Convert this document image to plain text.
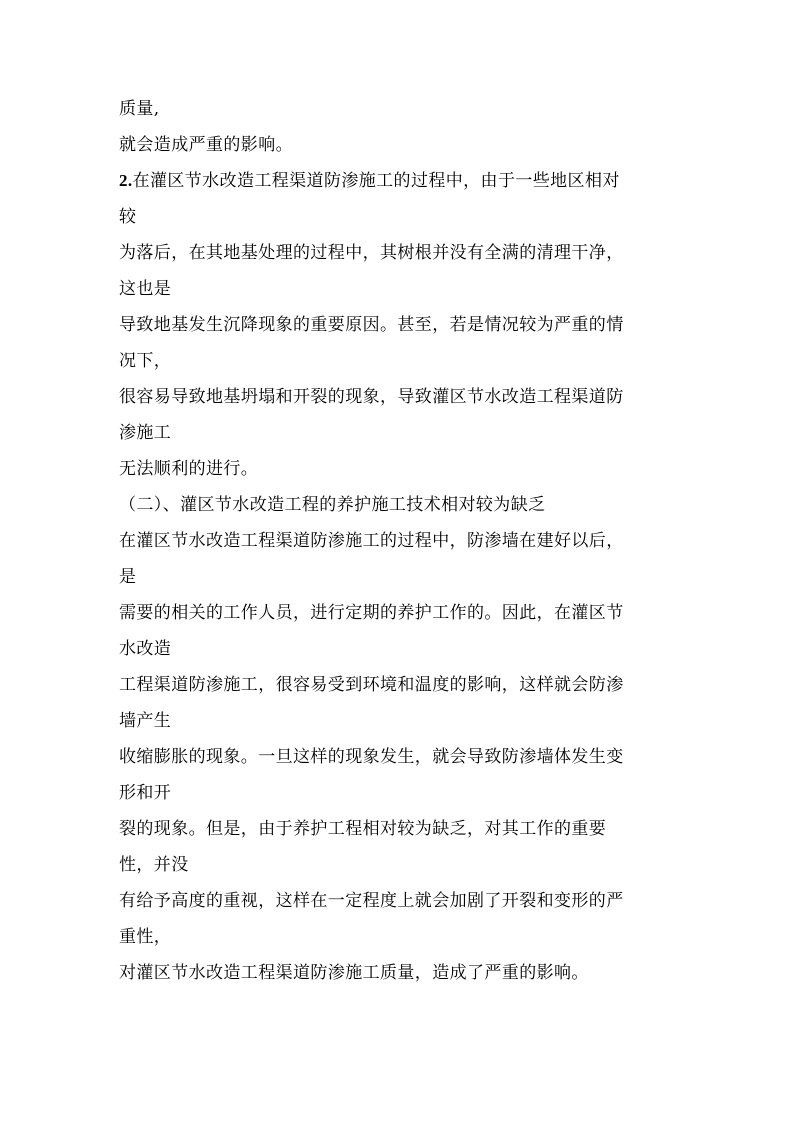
质量,
就会造成严重的影响。
2.在灌区节水改造工程渠道防渗施工的过程中，由于一些地区相对
较
为落后，在其地基处理的过程中，其树根并没有全满的清理干净，
这也是
导致地基发生沉降现象的重要原因。甚至，若是情况较为严重的情
况下，
很容易导致地基坍塌和开裂的现象，导致灌区节水改造工程渠道防
渗施工
无法顺利的进行。
（二）、灌区节水改造工程的养护施工技术相对较为缺乏
在灌区节水改造工程渠道防渗施工的过程中，防渗墙在建好以后，
是
需要的相关的工作人员，进行定期的养护工作的。因此，在灌区节
水改造
工程渠道防渗施工，很容易受到环境和温度的影响，这样就会防渗
墙产生
收缩膨胀的现象。一旦这样的现象发生，就会导致防渗墙体发生变
形和开
裂的现象。但是，由于养护工程相对较为缺乏，对其工作的重要
性，并没
有给予高度的重视，这样在一定程度上就会加剧了开裂和变形的严
重性，
对灌区节水改造工程渠道防渗施工质量，造成了严重的影响。
